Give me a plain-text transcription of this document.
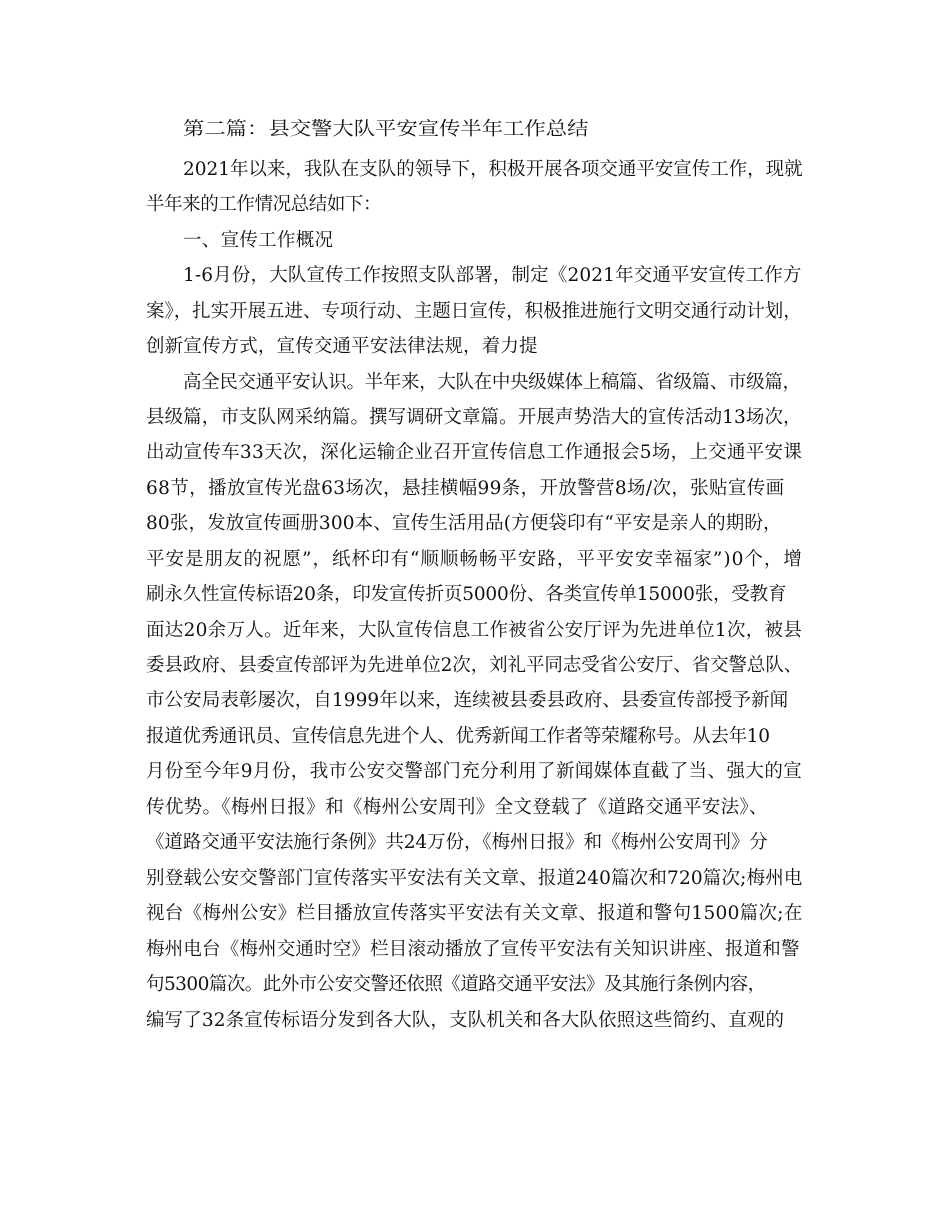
第二篇：县交警大队平安宣传半年工作总结
2021年以来，我队在支队的领导下，积极开展各项交通平安宣传工作，现就
半年来的工作情况总结如下：
一、宣传工作概况
1-6月份，大队宣传工作按照支队部署，制定《2021年交通平安宣传工作方
案》，扎实开展五进、专项行动、主题日宣传，积极推进施行文明交通行动计划，
创新宣传方式，宣传交通平安法律法规，着力提
高全民交通平安认识。半年来，大队在中央级媒体上稿篇、省级篇、市级篇，
县级篇，市支队网采纳篇。撰写调研文章篇。开展声势浩大的宣传活动13场次，
出动宣传车33天次，深化运输企业召开宣传信息工作通报会5场，上交通平安课
68节，播放宣传光盘63场次，悬挂横幅99条，开放警营8场/次，张贴宣传画
80张，发放宣传画册300本、宣传生活用品(方便袋印有“平安是亲人的期盼，
平安是朋友的祝愿”，纸杯印有“顺顺畅畅平安路，平平安安幸福家”)0个，增
刷永久性宣传标语20条，印发宣传折页5000份、各类宣传单15000张，受教育
面达20余万人。近年来，大队宣传信息工作被省公安厅评为先进单位1次，被县
委县政府、县委宣传部评为先进单位2次，刘礼平同志受省公安厅、省交警总队、
市公安局表彰屡次，自1999年以来，连续被县委县政府、县委宣传部授予新闻
报道优秀通讯员、宣传信息先进个人、优秀新闻工作者等荣耀称号。从去年10
月份至今年9月份，我市公安交警部门充分利用了新闻媒体直截了当、强大的宣
传优势。《梅州日报》和《梅州公安周刊》全文登载了《道路交通平安法》、
《道路交通平安法施行条例》共24万份，《梅州日报》和《梅州公安周刊》分
别登载公安交警部门宣传落实平安法有关文章、报道240篇次和720篇次;梅州电
视台《梅州公安》栏目播放宣传落实平安法有关文章、报道和警句1500篇次;在
梅州电台《梅州交通时空》栏目滚动播放了宣传平安法有关知识讲座、报道和警
句5300篇次。此外市公安交警还依照《道路交通平安法》及其施行条例内容，
编写了32条宣传标语分发到各大队，支队机关和各大队依照这些简约、直观的
